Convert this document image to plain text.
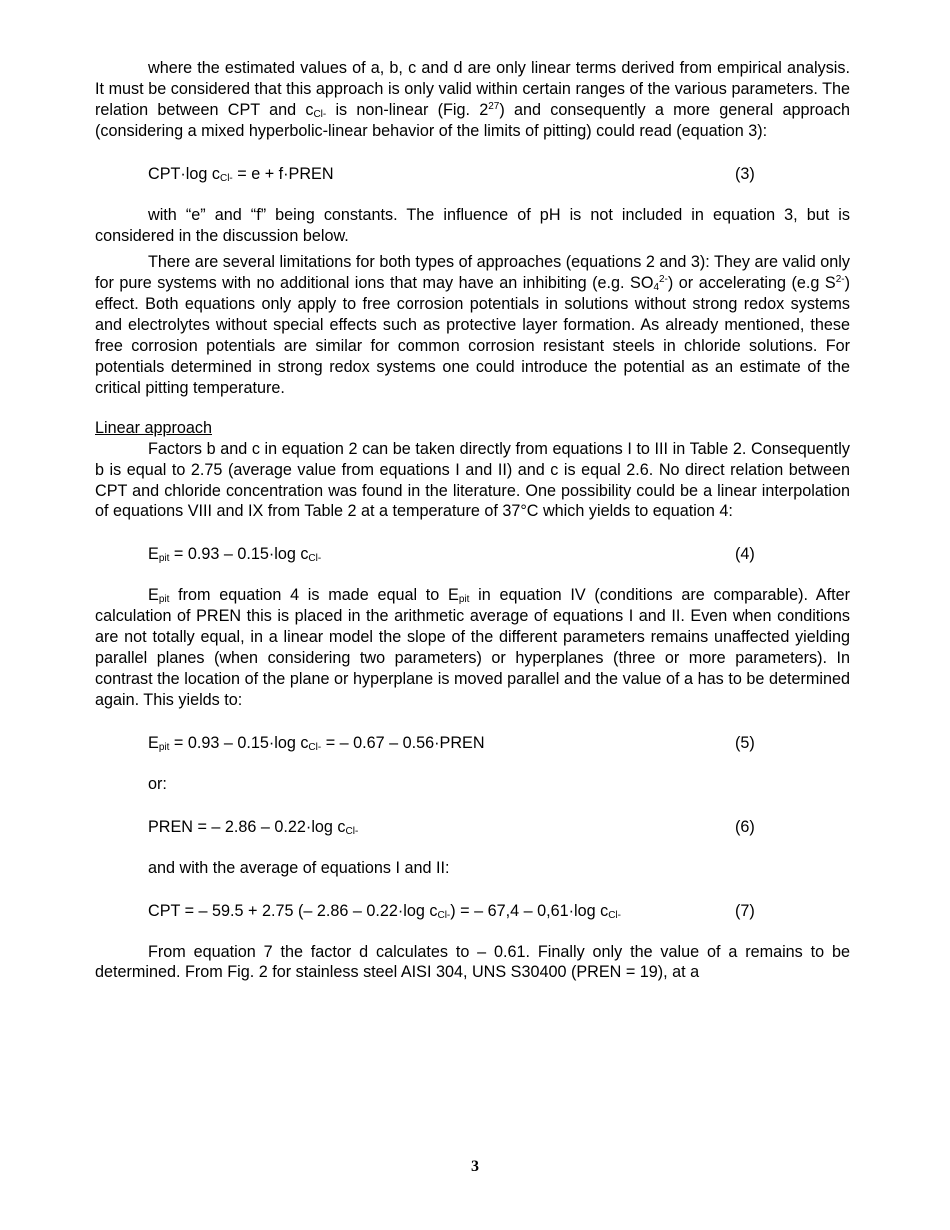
where the estimated values of a, b, c and d are only linear terms derived from empirical analysis. It must be considered that this approach is only valid within certain ranges of the various parameters. The relation between CPT and $c_{Cl-}$ is non-linear (Fig. $2^{27}$) and consequently a more general approach (considering a mixed hyperbolic-linear behavior of the limits of pitting) could read (equation 3):

CPT·log $c_{Cl-} = e$ + f·PREN	(3)

with “e” and “f” being constants. The influence of pH is not included in equation 3, but is considered in the discussion below.

There are several limitations for both types of approaches (equations 2 and 3): They are valid only for pure systems with no additional ions that may have an inhibiting (e.g. $SO_4^{2-}$) or accelerating (e.g $S^{2-}$) effect. Both equations only apply to free corrosion potentials in solutions without strong redox systems and electrolytes without special effects such as protective layer formation. As already mentioned, these free corrosion potentials are similar for common corrosion resistant steels in chloride solutions. For potentials determined in strong redox systems one could introduce the potential as an estimate of the critical pitting temperature.

Linear approach

Factors b and c in equation 2 can be taken directly from equations I to III in Table 2. Consequently b is equal to 2.75 (average value from equations I and II) and c is equal 2.6. No direct relation between CPT and chloride concentration was found in the literature. One possibility could be a linear interpolation of equations VIII and IX from Table 2 at a temperature of 37°C which yields to equation 4:

$E_{pit} = 0.93 - 0.15\cdot\log$ $c_{Cl-}$	(4)

$E_{pit}$ from equation 4 is made equal to $E_{pit}$ in equation IV (conditions are comparable). After calculation of PREN this is placed in the arithmetic average of equations I and II. Even when conditions are not totally equal, in a linear model the slope of the different parameters remains unaffected yielding parallel planes (when considering two parameters) or hyperplanes (three or more parameters). In contrast the location of the plane or hyperplane is moved parallel and the value of a has to be determined again. This yields to:

$E_{pit} = 0.93 - 0.15\cdot\log$ $c_{Cl-}$ = – 0.67 – 0.56·PREN	(5)
or:
PREN = – 2.86 – 0.22·log $c_{Cl-}$	(6)
and with the average of equations I and II:
CPT = – 59.5 + 2.75 (– 2.86 – 0.22·log $c_{Cl-}$) = – 67,4 – 0,61·log $c_{Cl-}$	(7)

From equation 7 the factor d calculates to – 0.61. Finally only the value of a remains to be determined. From Fig. 2 for stainless steel AISI 304, UNS S30400 (PREN = 19), at a

3
